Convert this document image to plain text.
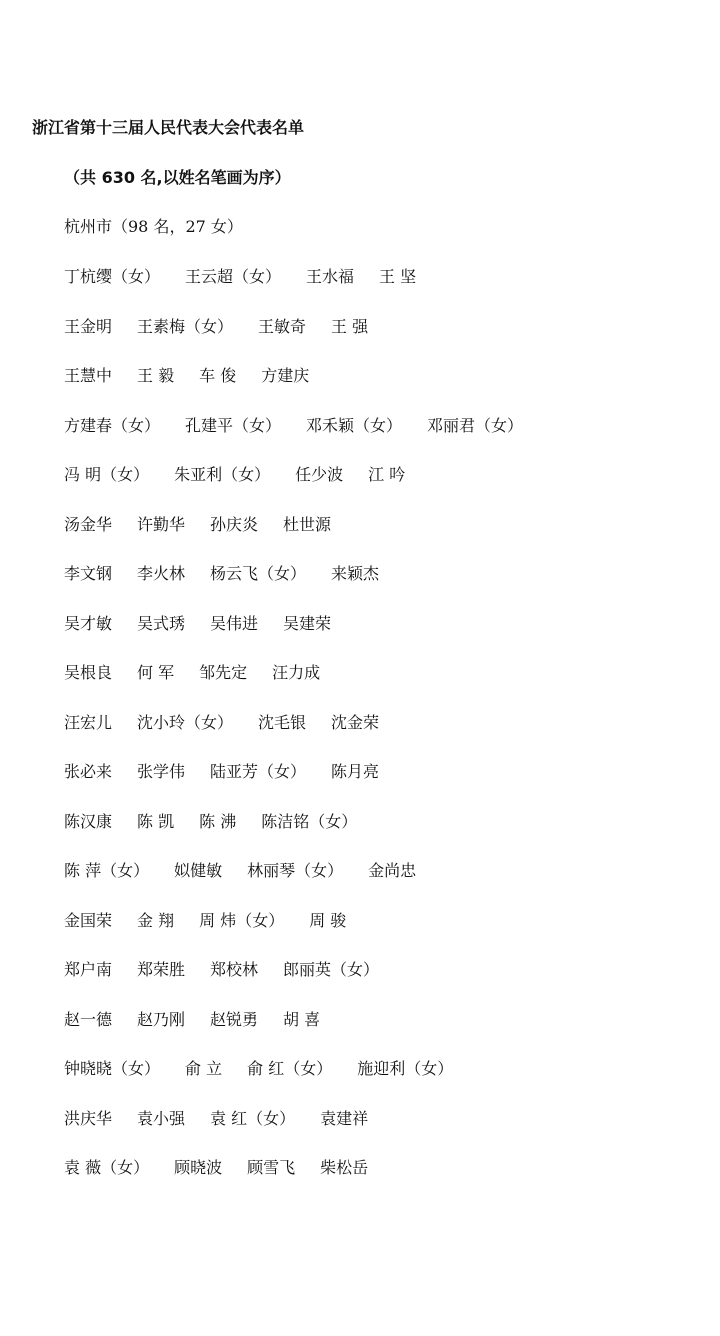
浙江省第十三届人民代表大会代表名单
（共 630 名,以姓名笔画为序）
杭州市（98 名，27 女）
丁杭缨（女） 王云超（女） 王水福 王 坚
王金明 王素梅（女） 王敏奇 王 强
王慧中 王 毅 车 俊 方建庆
方建春（女） 孔建平（女） 邓禾颖（女） 邓丽君（女）
冯 明（女） 朱亚利（女） 任少波 江 吟
汤金华 许勤华 孙庆炎 杜世源
李文钢 李火林 杨云飞（女） 来颖杰
吴才敏 吴式琇 吴伟进 吴建荣
吴根良 何 军 邹先定 汪力成
汪宏儿 沈小玲（女） 沈毛银 沈金荣
张必来 张学伟 陆亚芳（女） 陈月亮
陈汉康 陈 凯 陈 沸 陈洁铭（女）
陈 萍（女） 姒健敏 林丽琴（女） 金尚忠
金国荣 金 翔 周 炜（女） 周 骏
郑户南 郑荣胜 郑校林 郎丽英（女）
赵一德 赵乃刚 赵锐勇 胡 喜
钟晓晓（女） 俞 立 俞 红（女） 施迎利（女）
洪庆华 袁小强 袁 红（女） 袁建祥
袁 薇（女） 顾晓波 顾雪飞 柴松岳
